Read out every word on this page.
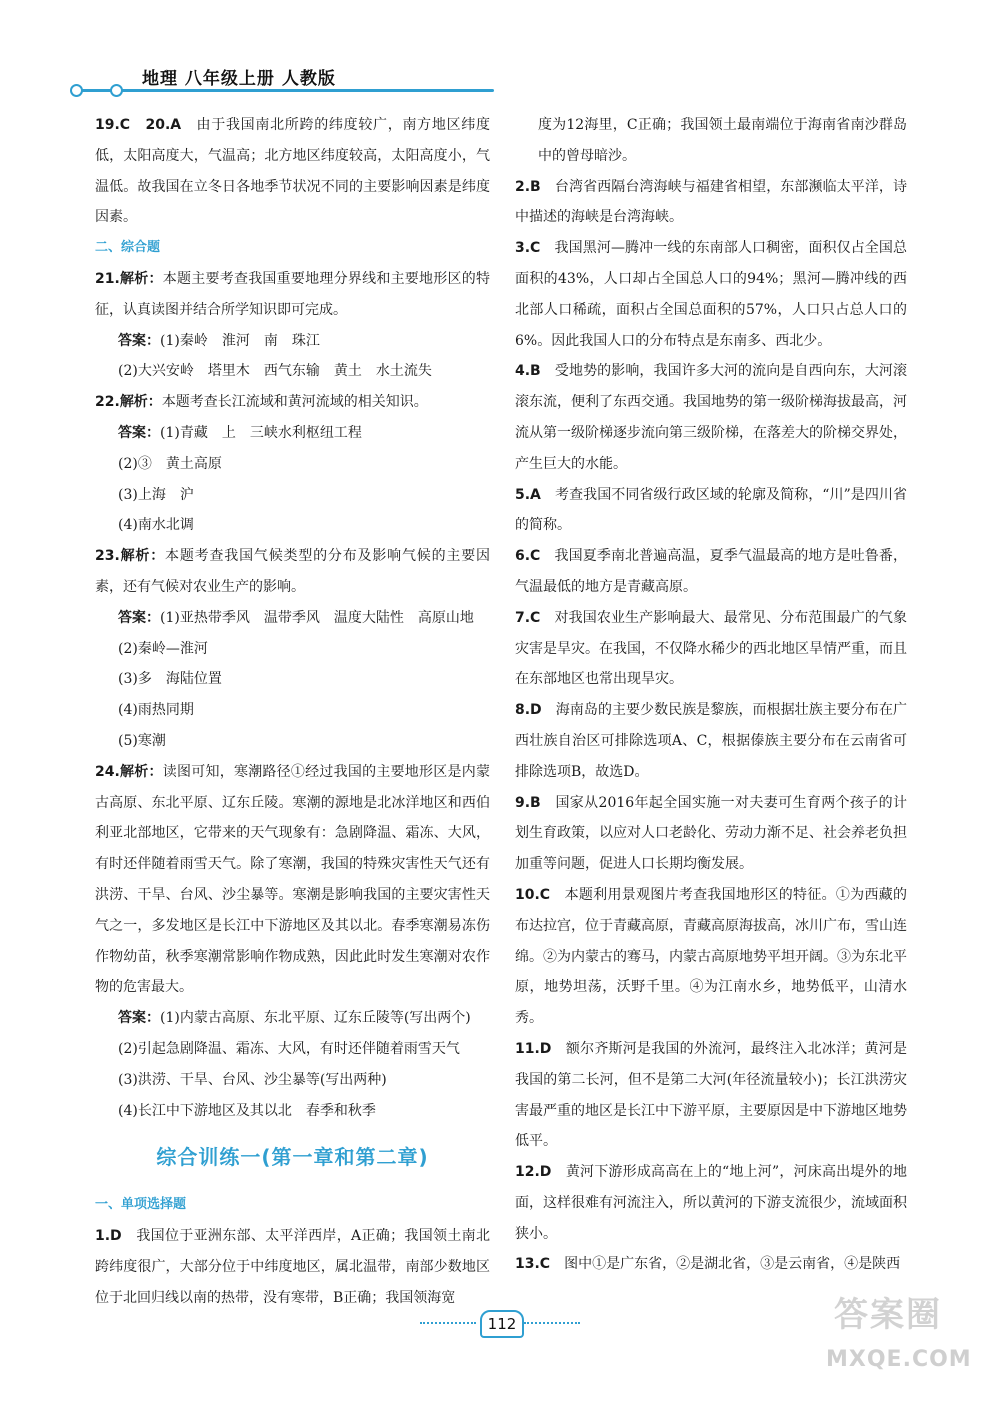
地理 八年级上册 人教版

19.C　20.A　由于我国南北所跨的纬度较广，南方地区纬度低，太阳高度大，气温高；北方地区纬度较高，太阳高度小，气温低。故我国在立冬日各地季节状况不同的主要影响因素是纬度因素。

二、综合题

21.解析：本题主要考查我国重要地理分界线和主要地形区的特征，认真读图并结合所学知识即可完成。

答案：(1)秦岭　淮河　南　珠江

(2)大兴安岭　塔里木　西气东输　黄土　水土流失

22.解析：本题考查长江流域和黄河流域的相关知识。

答案：(1)青藏　上　三峡水利枢纽工程

(2)③　黄土高原

(3)上海　沪

(4)南水北调

23.解析：本题考查我国气候类型的分布及影响气候的主要因素，还有气候对农业生产的影响。

答案：(1)亚热带季风　温带季风　温度大陆性　高原山地

(2)秦岭—淮河

(3)多　海陆位置

(4)雨热同期

(5)寒潮

24.解析：读图可知，寒潮路径①经过我国的主要地形区是内蒙古高原、东北平原、辽东丘陵。寒潮的源地是北冰洋地区和西伯利亚北部地区，它带来的天气现象有：急剧降温、霜冻、大风，有时还伴随着雨雪天气。除了寒潮，我国的特殊灾害性天气还有洪涝、干旱、台风、沙尘暴等。寒潮是影响我国的主要灾害性天气之一，多发地区是长江中下游地区及其以北。春季寒潮易冻伤作物幼苗，秋季寒潮常影响作物成熟，因此此时发生寒潮对农作物的危害最大。

答案：(1)内蒙古高原、东北平原、辽东丘陵等(写出两个)

(2)引起急剧降温、霜冻、大风，有时还伴随着雨雪天气

(3)洪涝、干旱、台风、沙尘暴等(写出两种)

(4)长江中下游地区及其以北　春季和秋季

综合训练一(第一章和第二章)

一、单项选择题

1.D　我国位于亚洲东部、太平洋西岸，A正确；我国领土南北跨纬度很广，大部分位于中纬度地区，属北温带，南部少数地区位于北回归线以南的热带，没有寒带，B正确；我国领海宽

度为12海里，C正确；我国领土最南端位于海南省南沙群岛中的曾母暗沙。

2.B　台湾省西隔台湾海峡与福建省相望，东部濒临太平洋，诗中描述的海峡是台湾海峡。

3.C　我国黑河—腾冲一线的东南部人口稠密，面积仅占全国总面积的43%，人口却占全国总人口的94%；黑河—腾冲线的西北部人口稀疏，面积占全国总面积的57%，人口只占总人口的6%。因此我国人口的分布特点是东南多、西北少。

4.B　受地势的影响，我国许多大河的流向是自西向东，大河滚滚东流，便利了东西交通。我国地势的第一级阶梯海拔最高，河流从第一级阶梯逐步流向第三级阶梯，在落差大的阶梯交界处，产生巨大的水能。

5.A　考查我国不同省级行政区域的轮廓及简称，“川”是四川省的简称。

6.C　我国夏季南北普遍高温，夏季气温最高的地方是吐鲁番，气温最低的地方是青藏高原。

7.C　对我国农业生产影响最大、最常见、分布范围最广的气象灾害是旱灾。在我国，不仅降水稀少的西北地区旱情严重，而且在东部地区也常出现旱灾。

8.D　海南岛的主要少数民族是黎族，而根据壮族主要分布在广西壮族自治区可排除选项A、C，根据傣族主要分布在云南省可排除选项B，故选D。

9.B　国家从2016年起全国实施一对夫妻可生育两个孩子的计划生育政策，以应对人口老龄化、劳动力渐不足、社会养老负担加重等问题，促进人口长期均衡发展。

10.C　本题利用景观图片考查我国地形区的特征。①为西藏的布达拉宫，位于青藏高原，青藏高原海拔高，冰川广布，雪山连绵。②为内蒙古的骞马，内蒙古高原地势平坦开阔。③为东北平原，地势坦荡，沃野千里。④为江南水乡，地势低平，山清水秀。

11.D　额尔齐斯河是我国的外流河，最终注入北冰洋；黄河是我国的第二长河，但不是第二大河(年径流量较小)；长江洪涝灾害最严重的地区是长江中下游平原，主要原因是中下游地区地势低平。

12.D　黄河下游形成高高在上的“地上河”，河床高出堤外的地面，这样很难有河流注入，所以黄河的下游支流很少，流域面积狭小。

13.C　图中①是广东省，②是湖北省，③是云南省，④是陕西

112	答案圈
MXQE.COM
